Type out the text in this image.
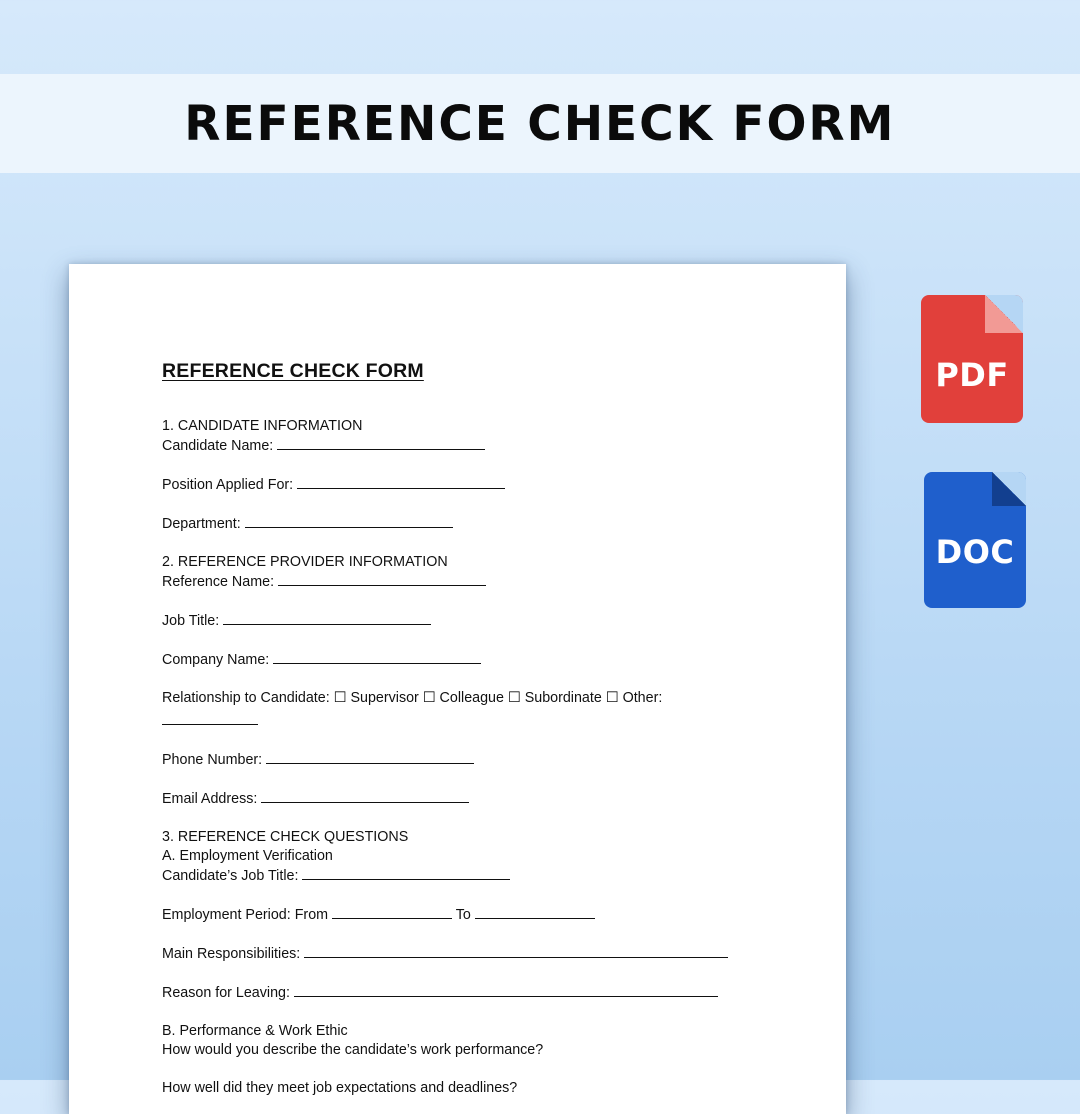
REFERENCE CHECK FORM
REFERENCE CHECK FORM
1. CANDIDATE INFORMATION
Candidate Name:
Position Applied For:
Department:
2. REFERENCE PROVIDER INFORMATION
Reference Name:
Job Title:
Company Name:
Relationship to Candidate: ☐ Supervisor ☐ Colleague ☐ Subordinate ☐ Other:
Phone Number:
Email Address:
3. REFERENCE CHECK QUESTIONS
A. Employment Verification
Candidate’s Job Title:
Employment Period: From	To
Main Responsibilities:
Reason for Leaving:
B. Performance & Work Ethic
How would you describe the candidate’s work performance?
How well did they meet job expectations and deadlines?
PDF
DOC
